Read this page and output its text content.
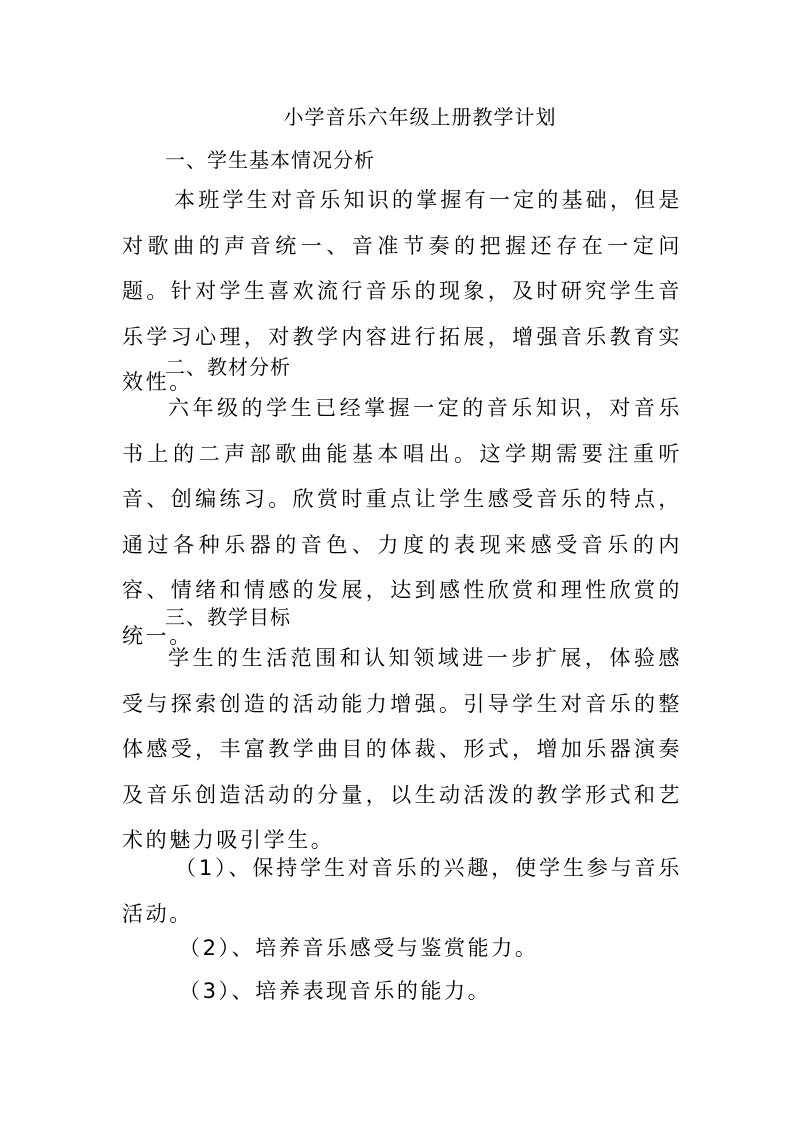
小学音乐六年级上册教学计划
一、学生基本情况分析

本班学生对音乐知识的掌握有一定的基础，但是对歌曲的声音统一、音准节奏的把握还存在一定问题。针对学生喜欢流行音乐的现象，及时研究学生音乐学习心理，对教学内容进行拓展，增强音乐教育实效性。

二、教材分析

六年级的学生已经掌握一定的音乐知识，对音乐书上的二声部歌曲能基本唱出。这学期需要注重听音、创编练习。欣赏时重点让学生感受音乐的特点，通过各种乐器的音色、力度的表现来感受音乐的内容、情绪和情感的发展，达到感性欣赏和理性欣赏的统一。

三、教学目标

学生的生活范围和认知领域进一步扩展，体验感受与探索创造的活动能力增强。引导学生对音乐的整体感受，丰富教学曲目的体裁、形式，增加乐器演奏及音乐创造活动的分量，以生动活泼的教学形式和艺术的魅力吸引学生。

（1）、保持学生对音乐的兴趣，使学生参与音乐活动。

（2）、培养音乐感受与鉴赏能力。
（3）、培养表现音乐的能力。
